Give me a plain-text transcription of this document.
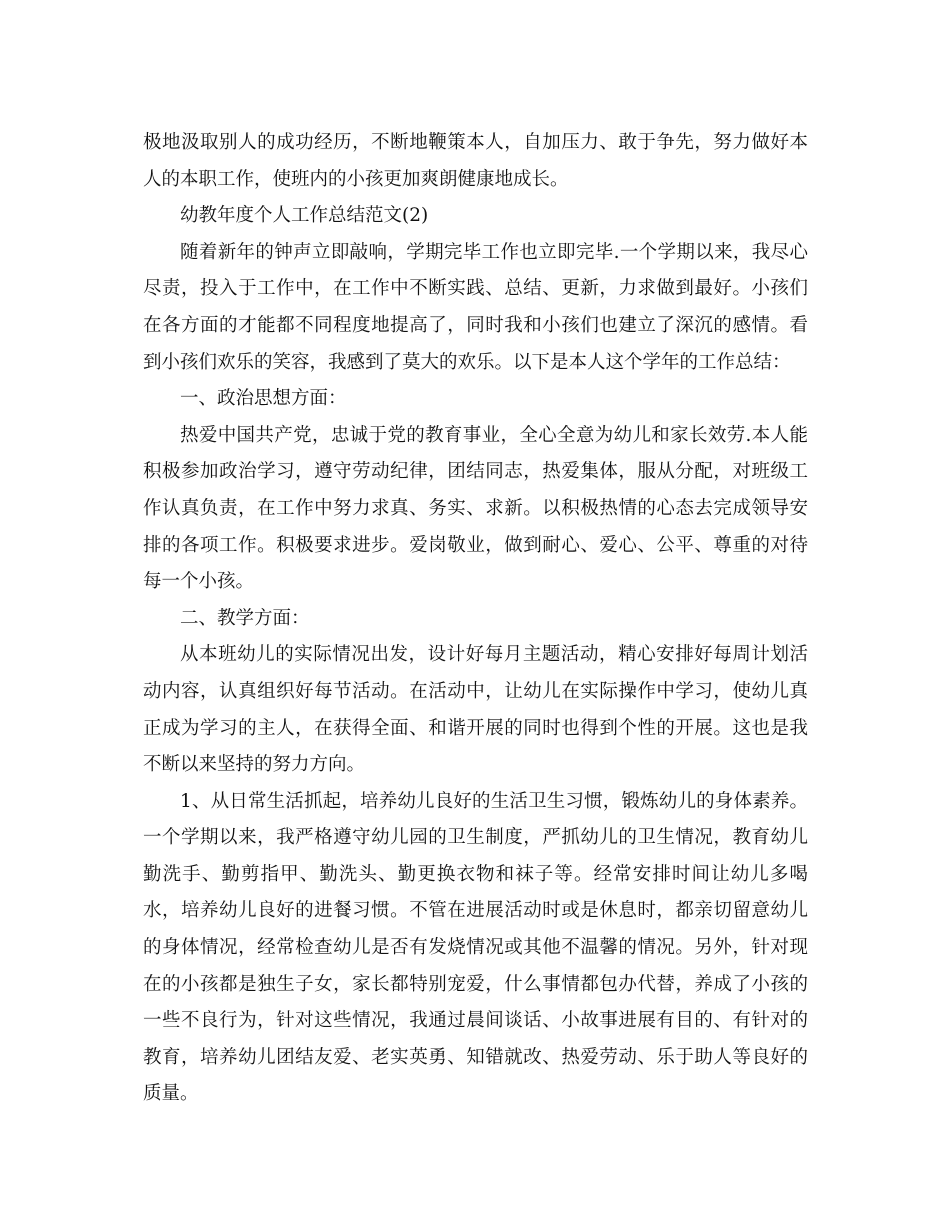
极地汲取别人的成功经历，不断地鞭策本人，自加压力、敢于争先，努力做好本人的本职工作，使班内的小孩更加爽朗健康地成长。

幼教年度个人工作总结范文(2)

随着新年的钟声立即敲响，学期完毕工作也立即完毕.一个学期以来，我尽心尽责，投入于工作中，在工作中不断实践、总结、更新，力求做到最好。小孩们在各方面的才能都不同程度地提高了，同时我和小孩们也建立了深沉的感情。看到小孩们欢乐的笑容，我感到了莫大的欢乐。以下是本人这个学年的工作总结：

一、政治思想方面：

热爱中国共产党，忠诚于党的教育事业，全心全意为幼儿和家长效劳.本人能积极参加政治学习，遵守劳动纪律，团结同志，热爱集体，服从分配，对班级工作认真负责，在工作中努力求真、务实、求新。以积极热情的心态去完成领导安排的各项工作。积极要求进步。爱岗敬业，做到耐心、爱心、公平、尊重的对待每一个小孩。

二、教学方面：

从本班幼儿的实际情况出发，设计好每月主题活动，精心安排好每周计划活动内容，认真组织好每节活动。在活动中，让幼儿在实际操作中学习，使幼儿真正成为学习的主人，在获得全面、和谐开展的同时也得到个性的开展。这也是我不断以来坚持的努力方向。

1、从日常生活抓起，培养幼儿良好的生活卫生习惯，锻炼幼儿的身体素养。一个学期以来，我严格遵守幼儿园的卫生制度，严抓幼儿的卫生情况，教育幼儿勤洗手、勤剪指甲、勤洗头、勤更换衣物和袜子等。经常安排时间让幼儿多喝水，培养幼儿良好的进餐习惯。不管在进展活动时或是休息时，都亲切留意幼儿的身体情况，经常检查幼儿是否有发烧情况或其他不温馨的情况。另外，针对现在的小孩都是独生子女，家长都特别宠爱，什么事情都包办代替，养成了小孩的一些不良行为，针对这些情况，我通过晨间谈话、小故事进展有目的、有针对的教育，培养幼儿团结友爱、老实英勇、知错就改、热爱劳动、乐于助人等良好的质量。
